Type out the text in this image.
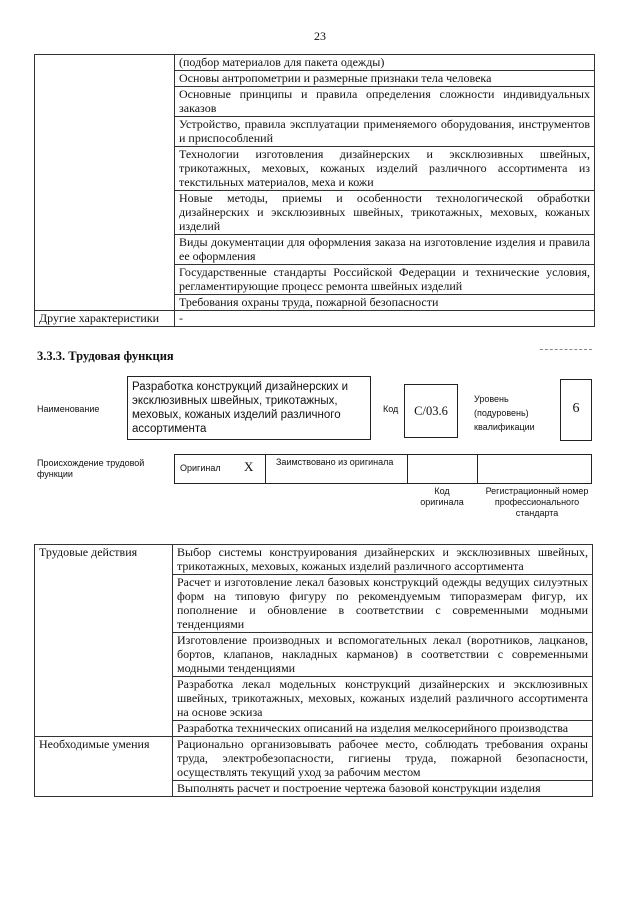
23
	(подбор материалов для пакета одежды)
	Основы антропометрии и размерные признаки тела человека
	Основные принципы и правила определения сложности индивидуальных заказов
	Устройство, правила эксплуатации применяемого оборудования, инструментов и приспособлений
	Технологии изготовления дизайнерских и эксклюзивных швейных, трикотажных, меховых, кожаных изделий различного ассортимента из текстильных материалов, меха и кожи
	Новые методы, приемы и особенности технологической обработки дизайнерских и эксклюзивных швейных, трикотажных, меховых, кожаных изделий
	Виды документации для оформления заказа на изготовление изделия и правила ее оформления
	Государственные стандарты Российской Федерации и технические условия, регламентирующие процесс ремонта швейных изделий
	Требования охраны труда, пожарной безопасности
Другие характеристики	-
3.3.3. Трудовая функция
Наименование
Разработка конструкций дизайнерских и эксклюзивных швейных, трикотажных, меховых, кожаных изделий различного ассортимента
Код	С/03.6
Уровень (подуровень) квалификации
6
Происхождение трудовой функции
Оригинал X	Заимствовано из оригинала
Код оригинала
Регистрационный номер профессионального стандарта
Трудовые действия	Выбор системы конструирования дизайнерских и эксклюзивных швейных, трикотажных, меховых, кожаных изделий различного ассортимента
	Расчет и изготовление лекал базовых конструкций одежды ведущих силуэтных форм на типовую фигуру по рекомендуемым типоразмерам фигур, их пополнение и обновление в соответствии с современными модными тенденциями
	Изготовление производных и вспомогательных лекал (воротников, лацканов, бортов, клапанов, накладных карманов) в соответствии с современными модными тенденциями
	Разработка лекал модельных конструкций дизайнерских и эксклюзивных швейных, трикотажных, меховых, кожаных изделий различного ассортимента на основе эскиза
	Разработка технических описаний на изделия мелкосерийного производства
Необходимые умения	Рационально организовывать рабочее место, соблюдать требования охраны труда, электробезопасности, гигиены труда, пожарной безопасности, осуществлять текущий уход за рабочим местом
	Выполнять расчет и построение чертежа базовой конструкции изделия
